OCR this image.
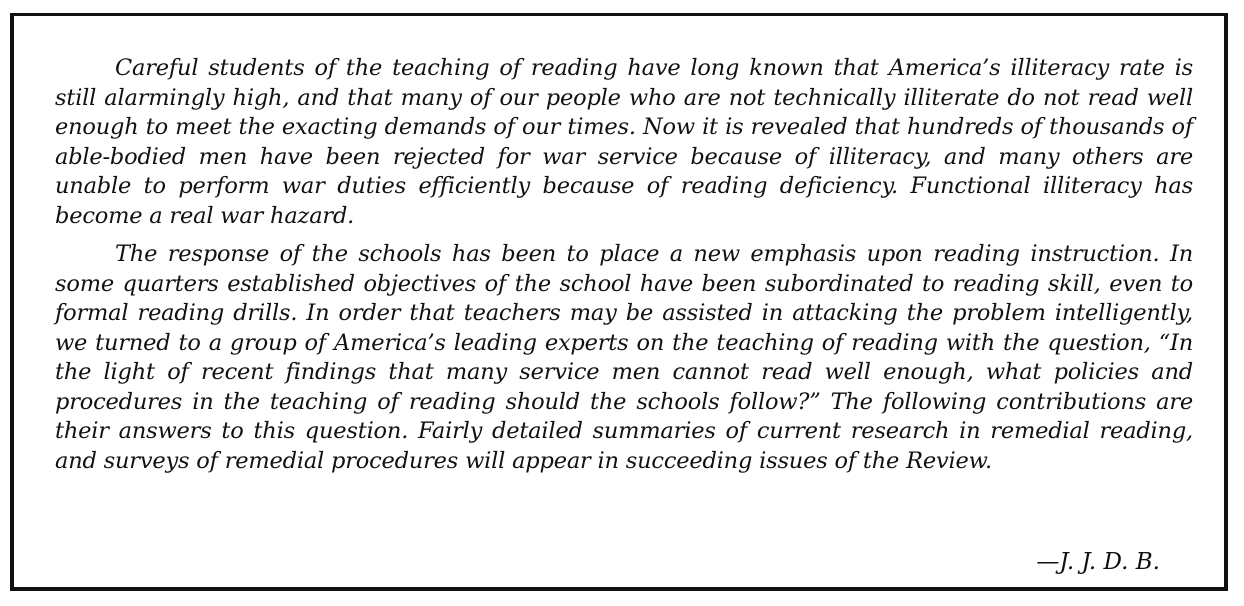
Careful students of the teaching of reading have long known that America’s illiteracy rate is still alarmingly high, and that many of our people who are not technically illiterate do not read well enough to meet the exacting demands of our times. Now it is revealed that hundreds of thousands of able-bodied men have been rejected for war service because of illiteracy, and many others are unable to perform war duties efficiently because of reading deficiency. Functional illiteracy has become a real war hazard.

The response of the schools has been to place a new emphasis upon reading instruction. In some quarters established objectives of the school have been subordinated to reading skill, even to formal reading drills. In order that teachers may be assisted in attacking the problem intelligently, we turned to a group of America’s leading experts on the teaching of reading with the question, “In the light of recent findings that many service men cannot read well enough, what policies and procedures in the teaching of reading should the schools follow?” The following contributions are their answers to this question. Fairly detailed summaries of current research in remedial reading, and surveys of remedial procedures will appear in succeeding issues of the Review.

—J. J. D. B.
